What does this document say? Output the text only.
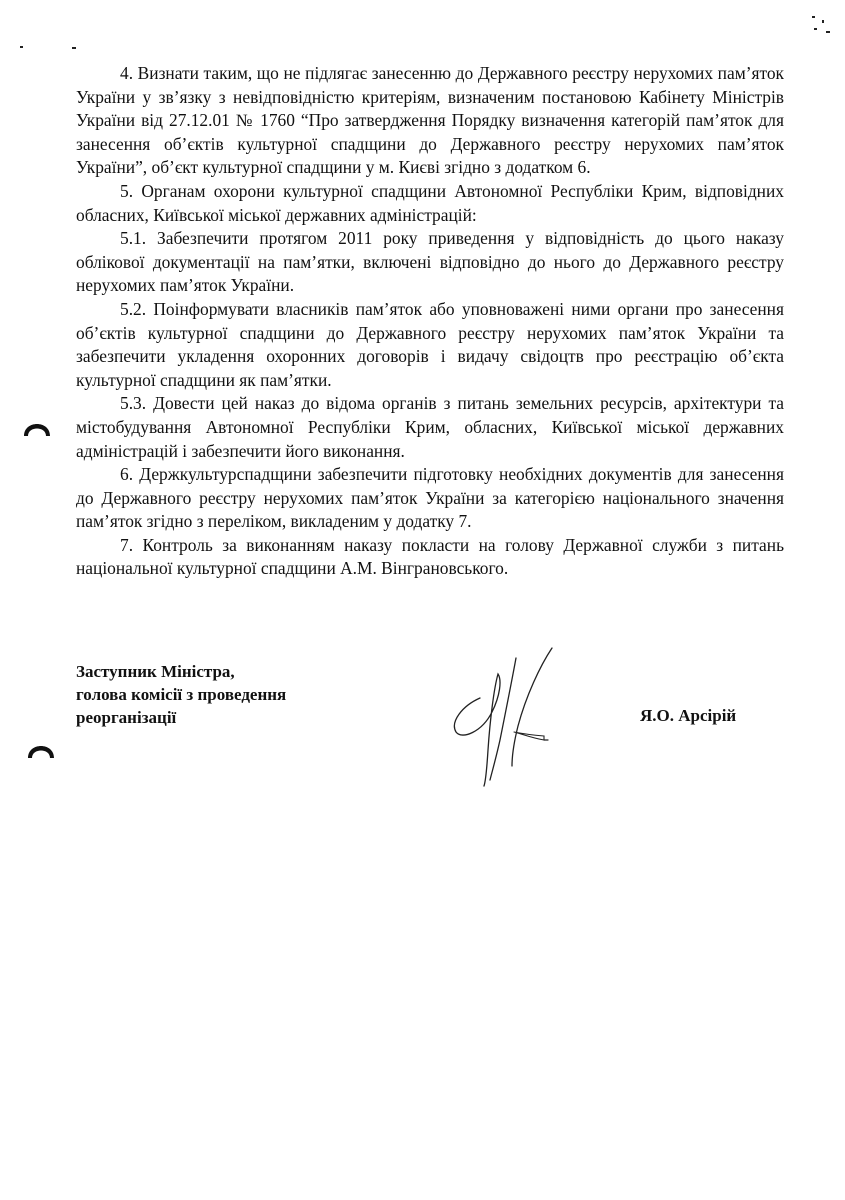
4. Визнати таким, що не підлягає занесенню до Державного реєстру нерухомих пам’яток України у зв’язку з невідповідністю критеріям, визначеним постановою Кабінету Міністрів України від 27.12.01 № 1760 “Про затвердження Порядку визначення категорій пам’яток для занесення об’єктів культурної спадщини до Державного реєстру нерухомих пам’яток України”, об’єкт культурної спадщини у м. Києві згідно з додатком 6.

5. Органам охорони культурної спадщини Автономної Республіки Крим, відповідних обласних, Київської міської державних адміністрацій:

5.1. Забезпечити протягом 2011 року приведення у відповідність до цього наказу облікової документації на пам’ятки, включені відповідно до нього до Державного реєстру нерухомих пам’яток України.

5.2. Поінформувати власників пам’яток або уповноважені ними органи про занесення об’єктів культурної спадщини до Державного реєстру нерухомих пам’яток України та забезпечити укладення охоронних договорів і видачу свідоцтв про реєстрацію об’єкта культурної спадщини як пам’ятки.

5.3. Довести цей наказ до відома органів з питань земельних ресурсів, архітектури та містобудування Автономної Республіки Крим, обласних, Київської міської державних адміністрацій і забезпечити його виконання.

6. Держкультурспадщини забезпечити підготовку необхідних документів для занесення до Державного реєстру нерухомих пам’яток України за категорією національного значення пам’яток згідно з переліком, викладеним у додатку 7.

7. Контроль за виконанням наказу покласти на голову Державної служби з питань національної культурної спадщини А.М. Вінграновського.

Заступник Міністра,
голова комісії з проведення
реорганізації	Я.О. Арсірій
